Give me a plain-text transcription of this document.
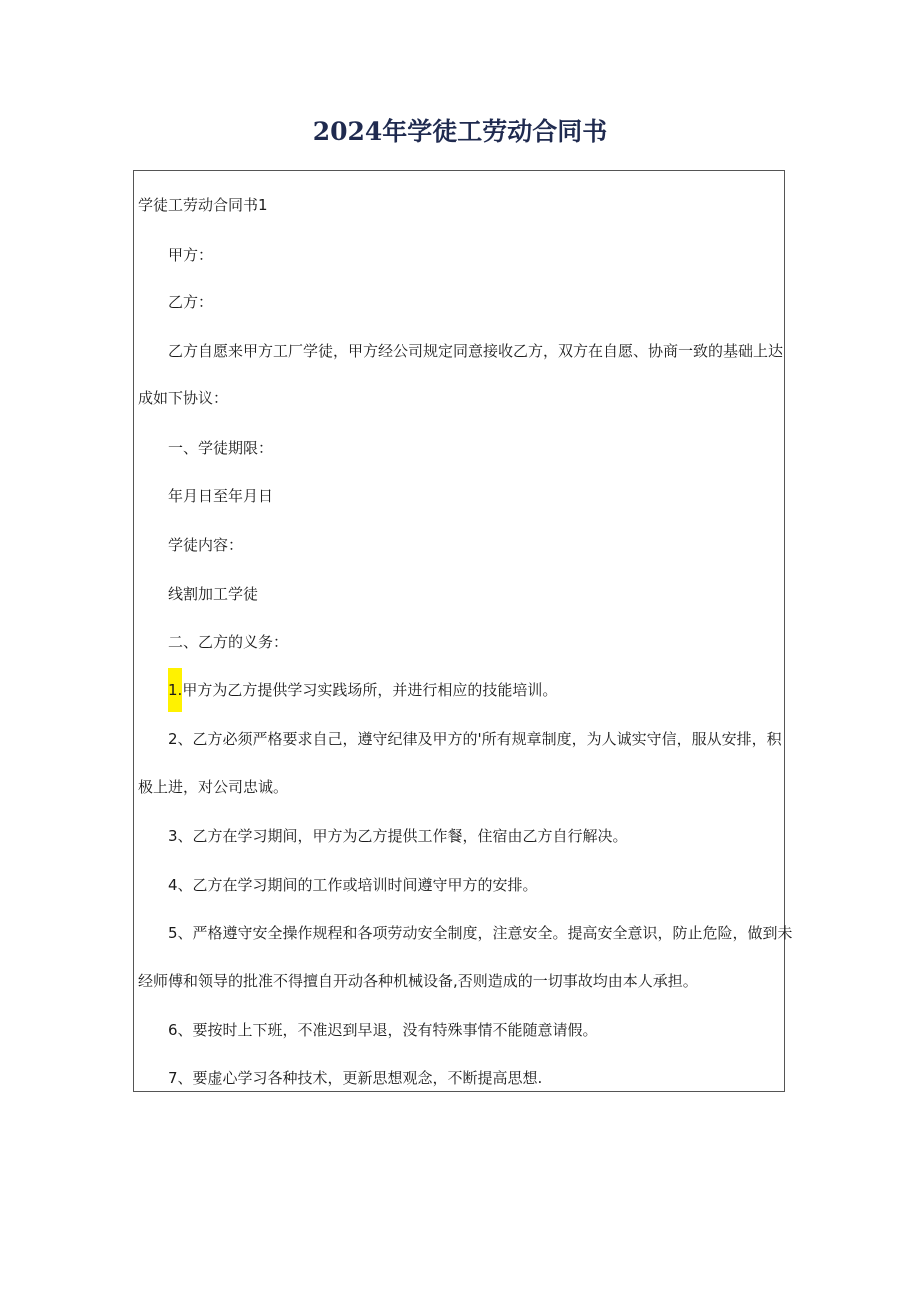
2024年学徒工劳动合同书
学徒工劳动合同书1
甲方：
乙方：
乙方自愿来甲方工厂学徒，甲方经公司规定同意接收乙方，双方在自愿、协商一致的基础上达
成如下协议：
一、学徒期限：
年月日至年月日
学徒内容：
线割加工学徒
二、乙方的义务：
1.甲方为乙方提供学习实践场所，并进行相应的技能培训。
2、乙方必须严格要求自己，遵守纪律及甲方的'所有规章制度，为人诚实守信，服从安排，积
极上进，对公司忠诚。
3、乙方在学习期间，甲方为乙方提供工作餐，住宿由乙方自行解决。
4、乙方在学习期间的工作或培训时间遵守甲方的安排。
5、严格遵守安全操作规程和各项劳动安全制度，注意安全。提高安全意识，防止危险，做到未
经师傅和领导的批准不得擅自开动各种机械设备,否则造成的一切事故均由本人承担。
6、要按时上下班，不准迟到早退，没有特殊事情不能随意请假。
7、要虚心学习各种技术，更新思想观念，不断提高思想.
